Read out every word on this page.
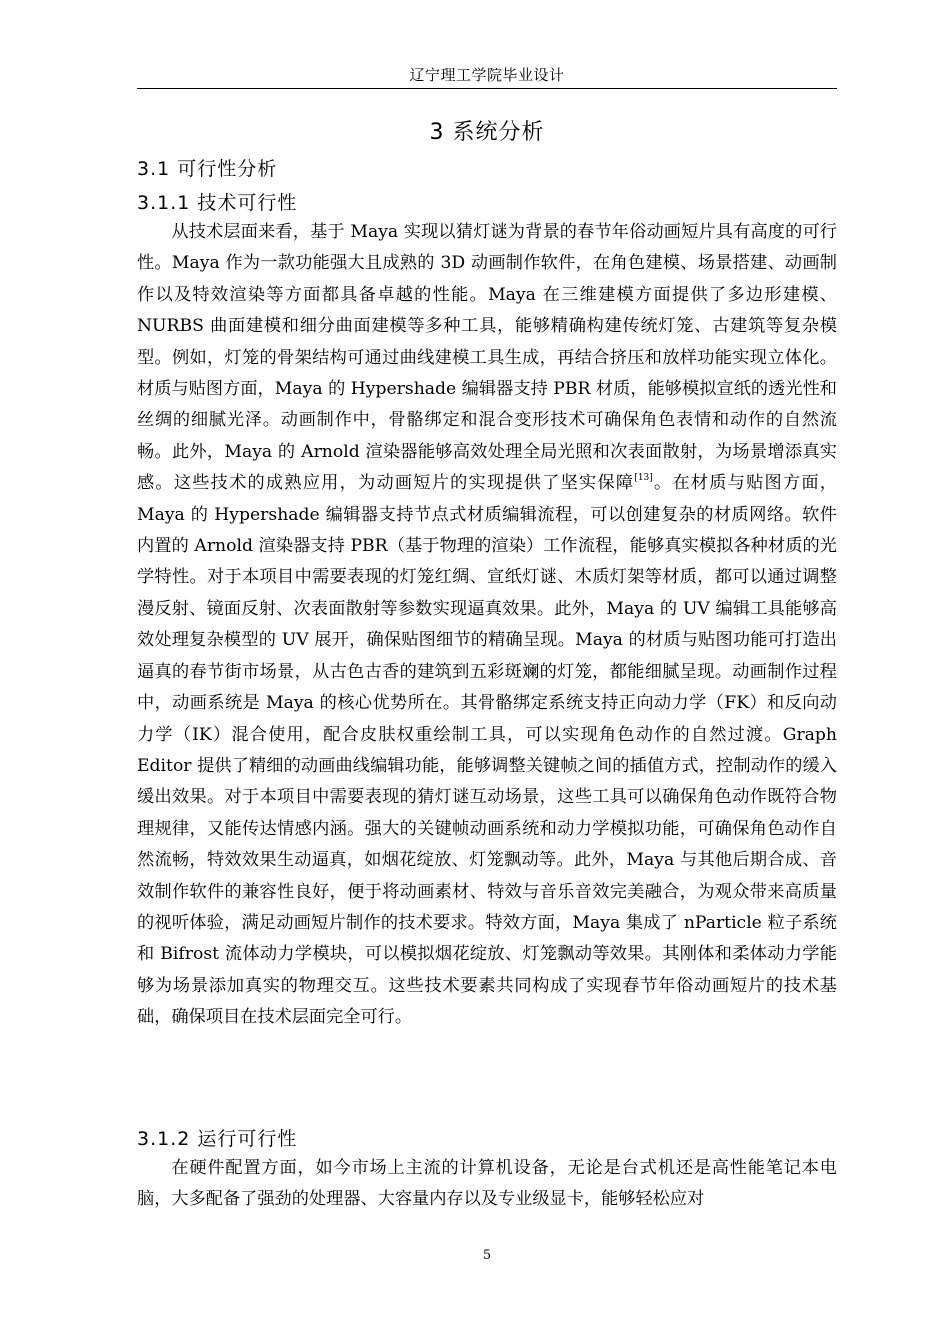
辽宁理工学院毕业设计
3 系统分析
3.1 可行性分析
3.1.1 技术可行性

从技术层面来看，基于 Maya 实现以猜灯谜为背景的春节年俗动画短片具有高度的可行性。Maya 作为一款功能强大且成熟的 3D 动画制作软件，在角色建模、场景搭建、动画制作以及特效渲染等方面都具备卓越的性能。Maya 在三维建模方面提供了多边形建模、NURBS 曲面建模和细分曲面建模等多种工具，能够精确构建传统灯笼、古建筑等复杂模型。例如，灯笼的骨架结构可通过曲线建模工具生成，再结合挤压和放样功能实现立体化。材质与贴图方面，Maya 的 Hypershade 编辑器支持 PBR 材质，能够模拟宣纸的透光性和丝绸的细腻光泽。动画制作中，骨骼绑定和混合变形技术可确保角色表情和动作的自然流畅。此外，Maya 的 Arnold 渲染器能够高效处理全局光照和次表面散射，为场景增添真实感。这些技术的成熟应用，为动画短片的实现提供了坚实保障[13]。在材质与贴图方面，Maya 的 Hypershade 编辑器支持节点式材质编辑流程，可以创建复杂的材质网络。软件内置的 Arnold 渲染器支持 PBR（基于物理的渲染）工作流程，能够真实模拟各种材质的光学特性。对于本项目中需要表现的灯笼红绸、宣纸灯谜、木质灯架等材质，都可以通过调整漫反射、镜面反射、次表面散射等参数实现逼真效果。此外，Maya 的 UV 编辑工具能够高效处理复杂模型的 UV 展开，确保贴图细节的精确呈现。Maya 的材质与贴图功能可打造出逼真的春节街市场景，从古色古香的建筑到五彩斑斓的灯笼，都能细腻呈现。动画制作过程中，动画系统是 Maya 的核心优势所在。其骨骼绑定系统支持正向动力学（FK）和反向动力学（IK）混合使用，配合皮肤权重绘制工具，可以实现角色动作的自然过渡。Graph Editor 提供了精细的动画曲线编辑功能，能够调整关键帧之间的插值方式，控制动作的缓入缓出效果。对于本项目中需要表现的猜灯谜互动场景，这些工具可以确保角色动作既符合物理规律，又能传达情感内涵。强大的关键帧动画系统和动力学模拟功能，可确保角色动作自然流畅，特效效果生动逼真，如烟花绽放、灯笼飘动等。此外，Maya 与其他后期合成、音效制作软件的兼容性良好，便于将动画素材、特效与音乐音效完美融合，为观众带来高质量的视听体验，满足动画短片制作的技术要求。特效方面，Maya 集成了 nParticle 粒子系统和 Bifrost 流体动力学模块，可以模拟烟花绽放、灯笼飘动等效果。其刚体和柔体动力学能够为场景添加真实的物理交互。这些技术要素共同构成了实现春节年俗动画短片的技术基础，确保项目在技术层面完全可行。

3.1.2 运行可行性

在硬件配置方面，如今市场上主流的计算机设备，无论是台式机还是高性能笔记本电脑，大多配备了强劲的处理器、大容量内存以及专业级显卡，能够轻松应对

5
